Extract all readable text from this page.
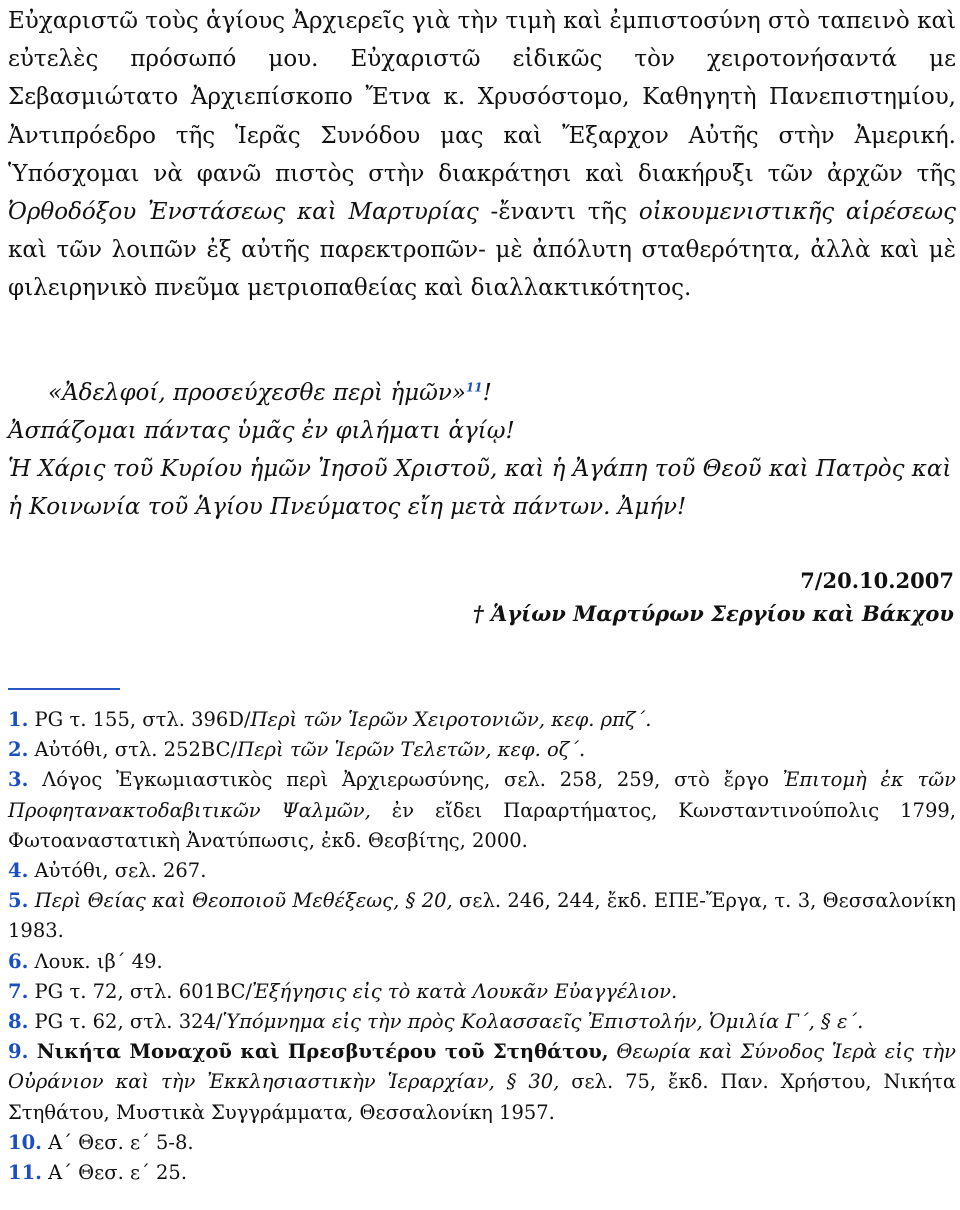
Εὐχαριστῶ τοὺς ἁγίους Ἀρχιερεῖς γιὰ τὴν τιμὴ καὶ ἐμπιστοσύνη στὸ ταπεινὸ καὶ εὐτελὲς πρόσωπό μου. Εὐχαριστῶ εἰδικῶς τὸν χειροτονήσαντά με Σεβασμιώτατο Ἀρχιεπίσκοπο Ἔτνα κ. Χρυσόστομο, Καθηγητὴ Πανεπιστημίου, Ἀντιπρόεδρο τῆς Ἱερᾶς Συνόδου μας καὶ Ἔξαρχον Αὐτῆς στὴν Ἀμερική. Ὑπόσχομαι νὰ φανῶ πιστὸς στὴν διακράτησι καὶ διακήρυξι τῶν ἀρχῶν τῆς Ὀρθοδόξου Ἐνστάσεως καὶ Μαρτυρίας -ἔναντι τῆς οἰκουμενιστικῆς αἱρέσεως καὶ τῶν λοιπῶν ἐξ αὐτῆς παρεκτροπῶν- μὲ ἀπόλυτη σταθερότητα, ἀλλὰ καὶ μὲ φιλειρηνικὸ πνεῦμα μετριοπαθείας καὶ διαλλακτικότητος.

«Ἀδελφοί, προσεύχεσθε περὶ ἡμῶν»$^{11}$!

Ἀσπάζομαι πάντας ὑμᾶς ἐν φιλήματι ἁγίῳ!

Ἡ Χάρις τοῦ Κυρίου ἡμῶν Ἰησοῦ Χριστοῦ, καὶ ἡ Ἀγάπη τοῦ Θεοῦ καὶ Πατρὸς καὶ ἡ Κοινωνία τοῦ Ἁγίου Πνεύματος εἴη μετὰ πάντων. Ἀμήν!

7/20.10.2007
† Ἁγίων Μαρτύρων Σεργίου καὶ Βάκχου
1. PG τ. 155, στλ. 396D/Περὶ τῶν Ἱερῶν Χειροτονιῶν, κεφ. ρπζ΄.
2. Αὐτόθι, στλ. 252BC/Περὶ τῶν Ἱερῶν Τελετῶν, κεφ. οζ΄.
3. Λόγος Ἐγκωμιαστικὸς περὶ Ἀρχιερωσύνης, σελ. 258, 259, στὸ ἔργο Ἐπιτομὴ ἐκ τῶν Προφητανακτοδαβιτικῶν Ψαλμῶν, ἐν εἴδει Παραρτήματος, Κωνσταντινούπολις 1799, Φωτοαναστατικὴ Ἀνατύπωσις, ἐκδ. Θεσβίτης, 2000.
4. Αὐτόθι, σελ. 267.
5. Περὶ Θείας καὶ Θεοποιοῦ Μεθέξεως, § 20, σελ. 246, 244, ἔκδ. ΕΠΕ-Ἔργα, τ. 3, Θεσσαλονίκη 1983.
6. Λουκ. ιβ΄ 49.
7. PG τ. 72, στλ. 601BC/Ἐξήγησις εἰς τὸ κατὰ Λουκᾶν Εὐαγγέλιον.
8. PG τ. 62, στλ. 324/Ὑπόμνημα εἰς τὴν πρὸς Κολασσαεῖς Ἐπιστολήν, Ὁμιλία Γ΄, § ε΄.
9. Νικήτα Μοναχοῦ καὶ Πρεσβυτέρου τοῦ Στηθάτου, Θεωρία καὶ Σύνοδος Ἱερὰ εἰς τὴν Οὐράνιον καὶ τὴν Ἐκκλησιαστικὴν Ἱεραρχίαν, § 30, σελ. 75, ἔκδ. Παν. Χρήστου, Νικήτα Στηθάτου, Μυστικὰ Συγγράμματα, Θεσσαλονίκη 1957.
10. Α΄ Θεσ. ε΄ 5-8.
11. Α΄ Θεσ. ε΄ 25.
